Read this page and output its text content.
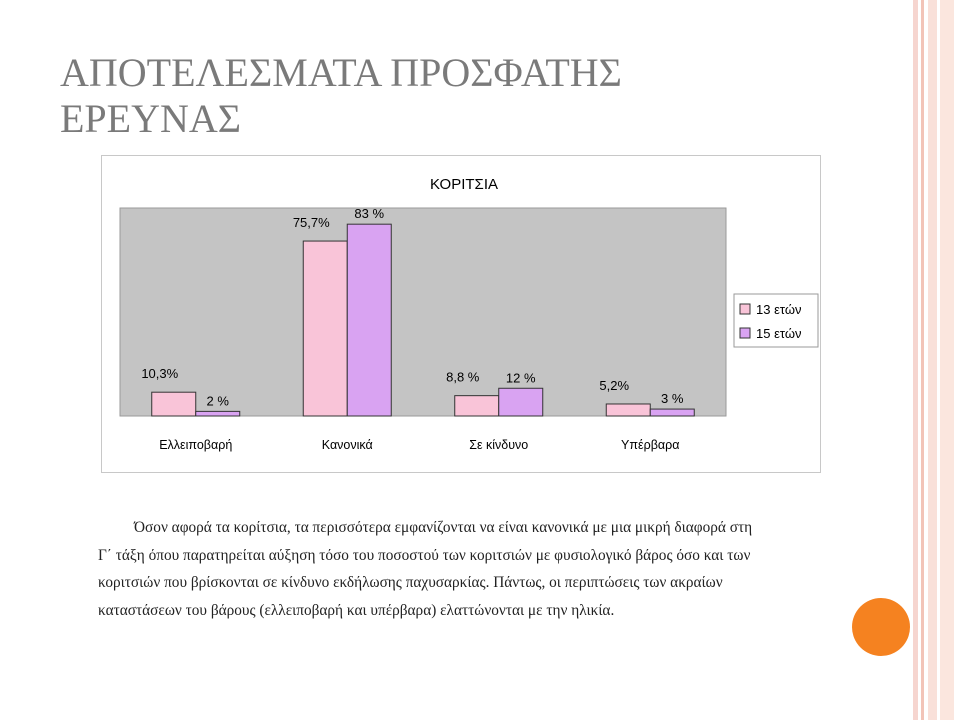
ΑΠΟΤΕΛΕΣΜΑΤΑ ΠΡΟΣΦΑΤΗΣ ΕΡΕΥΝΑΣ
ΚΟΡΙΤΣΙΑ
10,3%
2 %
Ελλειποβαρή
75,7%
83 %
Κανονικά
8,8 % 12 %
Σε κίνδυνο
5,2%
3 %
Υπέρβαρα
13 ετών
15 ετών
Όσον αφορά τα κορίτσια, τα περισσότερα εμφανίζονται να είναι κανονικά με μια μικρή διαφορά στη
Γ΄ τάξη όπου παρατηρείται αύξηση τόσο του ποσοστού των κοριτσιών με φυσιολογικό βάρος όσο και των
κοριτσιών που βρίσκονται σε κίνδυνο εκδήλωσης παχυσαρκίας. Πάντως, οι περιπτώσεις των ακραίων
καταστάσεων του βάρους (ελλειποβαρή και υπέρβαρα) ελαττώνονται με την ηλικία.
